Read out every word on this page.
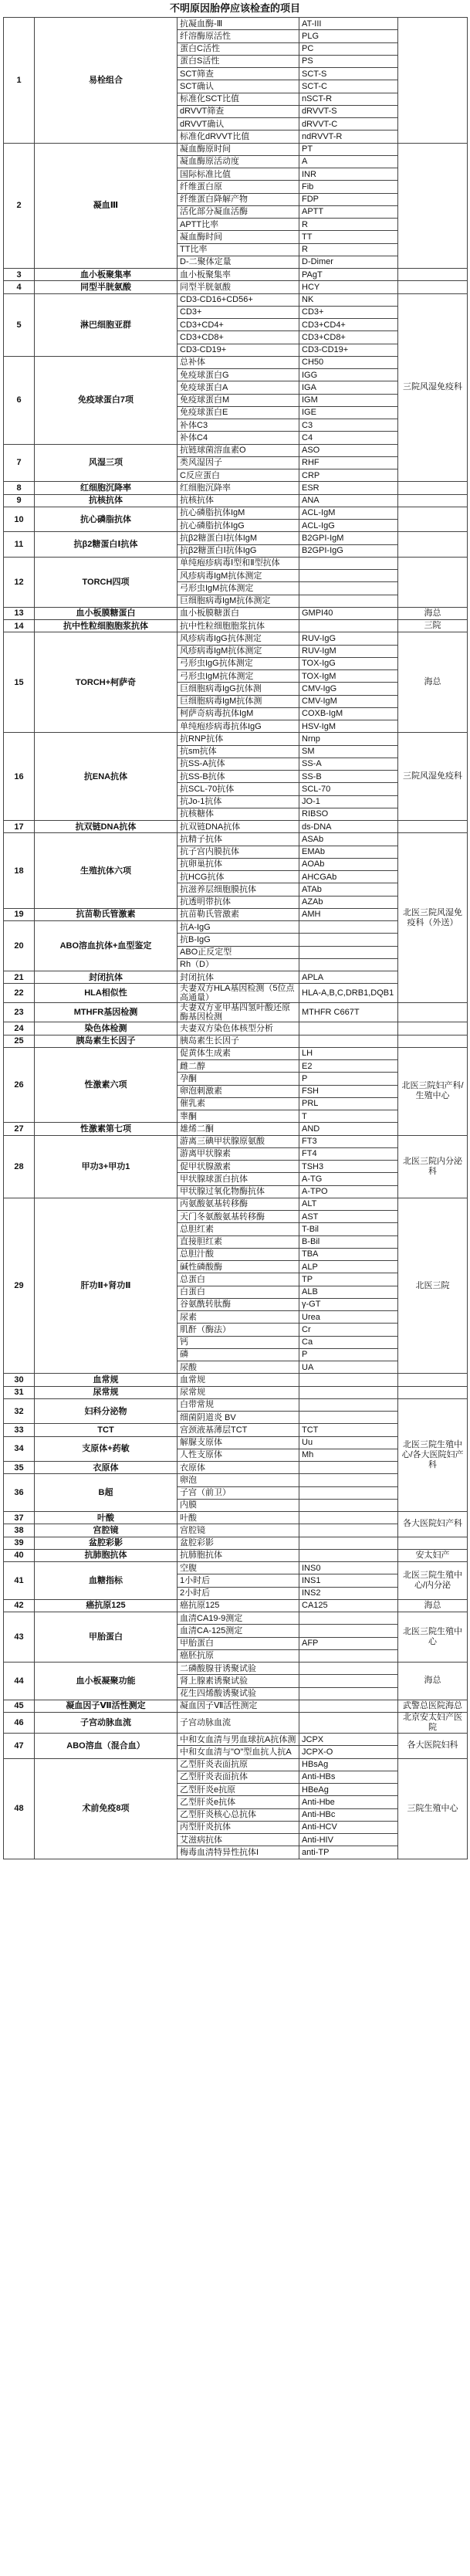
不明原因胎停应该检查的项目
1	易栓组合	抗凝血酶-Ⅲ	AT-III	
		纤溶酶原活性	PLG	
		蛋白C活性	PC	
		蛋白S活性	PS	
		SCT筛查	SCT-S	
		SCT确认	SCT-C	
		标准化SCT比值	nSCT-R	
		dRVVT筛查	dRVVT-S	
		dRVVT确认	dRVVT-C	
		标准化dRVVT比值	ndRVVT-R	
2	凝血Ⅲ	凝血酶原时间	PT	
		凝血酶原活动度	A	
		国际标准比值	INR	
		纤维蛋白原	Fib	
		纤维蛋白降解产物	FDP	
		活化部分凝血活酶	APTT	
		APTT比率	R	
		凝血酶时间	TT	
		TT比率	R	
		D-二聚体定量	D-Dimer	
3	血小板聚集率	血小板聚集率	PAgT	
4	同型半胱氨酸	同型半胱氨酸	HCY	
5	淋巴细胞亚群	CD3-CD16+CD56+	NK	三院风湿免疫科
		CD3+	CD3+	
		CD3+CD4+	CD3+CD4+	
		CD3+CD8+	CD3+CD8+	
		CD3-CD19+	CD3-CD19+	
6	免疫球蛋白7项	总补体	CH50	
		免疫球蛋白G	IGG	
		免疫球蛋白A	IGA	
		免疫球蛋白M	IGM	
		免疫球蛋白E	IGE	
		补体C3	C3	
		补体C4	C4	
7	风湿三项	抗链球菌溶血素O	ASO	
		类风湿因子	RHF	
		C反应蛋白	CRP	
8	红细胞沉降率	红细胞沉降率	ESR	
9	抗核抗体	抗核抗体	ANA	
10	抗心磷脂抗体	抗心磷脂抗体IgM	ACL-IgM	
		抗心磷脂抗体IgG	ACL-IgG	
11	抗β2糖蛋白Ⅰ抗体	抗β2糖蛋白Ⅰ抗体IgM	B2GPI-IgM	
		抗β2糖蛋白Ⅰ抗体IgG	B2GPI-IgG	
12	TORCH四项	单纯疱疹病毒Ⅰ型和Ⅱ型抗体		
		风疹病毒IgM抗体测定		
		弓形虫IgM抗体测定		
		巨细胞病毒IgM抗体测定		
13	血小板膜糖蛋白	血小板膜糖蛋白	GMPI40	海总
14	抗中性粒细胞胞浆抗体	抗中性粒细胞胞浆抗体		三院
15	TORCH+柯萨奇	风疹病毒IgG抗体测定	RUV-IgG	海总
		风疹病毒IgM抗体测定	RUV-IgM	
		弓形虫IgG抗体测定	TOX-IgG	
		弓形虫IgM抗体测定	TOX-IgM	
		巨细胞病毒IgG抗体测	CMV-IgG	
		巨细胞病毒IgM抗体测	CMV-IgM	
		柯萨奇病毒抗体IgM	COXB-IgM	
		单纯疱疹病毒抗体IgG	HSV-IgM	
16	抗ENA抗体	抗RNP抗体	Nrnp	三院风湿免疫科
		抗sm抗体	SM	
		抗SS-A抗体	SS-A	
		抗SS-B抗体	SS-B	
		抗SCL-70抗体	SCL-70	
		抗Jo-1抗体	JO-1	
		抗核糖体	RIBSO	
17	抗双链DNA抗体	抗双链DNA抗体	ds-DNA	
18	生殖抗体六项	抗精子抗体	ASAb	北医三院风湿免疫科（外送）
		抗子宫内膜抗体	EMAb	
		抗卵巢抗体	AOAb	
		抗HCG抗体	AHCGAb	
		抗滋养层细胞膜抗体	ATAb	
		抗透明带抗体	AZAb	
19	抗苗勒氏管激素	抗苗勒氏管激素	AMH	
20	ABO溶血抗体+血型鉴定	抗A-IgG		
		抗B-IgG		
		ABO正反定型		
		Rh（D）		
21	封闭抗体	封闭抗体	APLA	
22	HLA相似性	夫妻双方HLA基因检测（5位点高通量）	HLA-A,B,C,DRB1,DQB1	
23	MTHFR基因检测	夫妻双方亚甲基四氢叶酸还原酶基因检测	MTHFR C667T	
24	染色体检测	夫妻双方染色体核型分析		
25	胰岛素生长因子	胰岛素生长因子		
26	性激素六项	促黄体生成素	LH	北医三院妇产科/生殖中心
		雌二醇	E2	
		孕酮	P	
		卵泡刺激素	FSH	
		催乳素	PRL	
		睾酮	T	
27	性激素第七项	雄烯二酮	AND	
28	甲功3+甲功1	游离三碘甲状腺原氨酸	FT3	北医三院内分泌科
		游离甲状腺素	FT4	
		促甲状腺激素	TSH3	
		甲状腺球蛋白抗体	A-TG	
		甲状腺过氧化物酶抗体	A-TPO	
29	肝功Ⅱ+肾功Ⅱ	丙氨酸氨基转移酶	ALT	北医三院
		天门冬氨酸氨基转移酶	AST	
		总胆红素	T-Bil	
		直接胆红素	B-Bil	
		总胆汁酸	TBA	
		碱性磷酸酶	ALP	
		总蛋白	TP	
		白蛋白	ALB	
		谷氨酰转肽酶	γ-GT	
		尿素	Urea	
		肌酐（酶法）	Cr	
		钙	Ca	
		磷	P	
		尿酸	UA	
30	血常规	血常规		
31	尿常规	尿常规		
32	妇科分泌物	白带常规		北医三院生殖中心/各大医院妇产科
		细菌阴道炎 BV		
33	TCT	宫颈液基薄层TCT	TCT	
34	支原体+药敏	解脲支原体	Uu	
		人性支原体	Mh	
35	衣原体	衣原体		
36	B超	卵泡		
		子宫（前卫）		
		内膜		
37	叶酸	叶酸		各大医院妇产科
38	宫腔镜	宫腔镜		
39	盆腔彩影	盆腔彩影		
40	抗肺胞抗体	抗肺胞抗体		安太妇产
41	血糖指标	空腹	INS0	北医三院生殖中心/内分泌
		1小时后	INS1	
		2小时后	INS2	
42	癌抗原125	癌抗原125	CA125	海总
43	甲胎蛋白	血清CA19-9测定		北医三院生殖中心
		血清CA-125测定		
		甲胎蛋白	AFP	
		癌胚抗原		
44	血小板凝聚功能	二磷酸腺苷诱聚试验		海总
		肾上腺素诱聚试验		
		花生四烯酸诱聚试验		
45	凝血因子Ⅶ活性测定	凝血因子Ⅶ活性测定		武警总医院海总
46	子宫动脉血流	子宫动脉血流		北京安太妇产医院
47	ABO溶血（混合血）	中和女血清与男血球抗A抗体测	JCPX	各大医院妇科
		中和女血清与"O"型血抗人抗A	JCPX-O	
48	术前免疫8项	乙型肝炎表面抗原	HBsAg	三院生殖中心
		乙型肝炎表面抗体	Anti-HBs	
		乙型肝炎e抗原	HBeAg	
		乙型肝炎e抗体	Anti-Hbe	
		乙型肝炎核心总抗体	Anti-HBc	
		丙型肝炎抗体	Anti-HCV	
		艾滋病抗体	Anti-HIV	
		梅毒血清特异性抗体I	anti-TP	
